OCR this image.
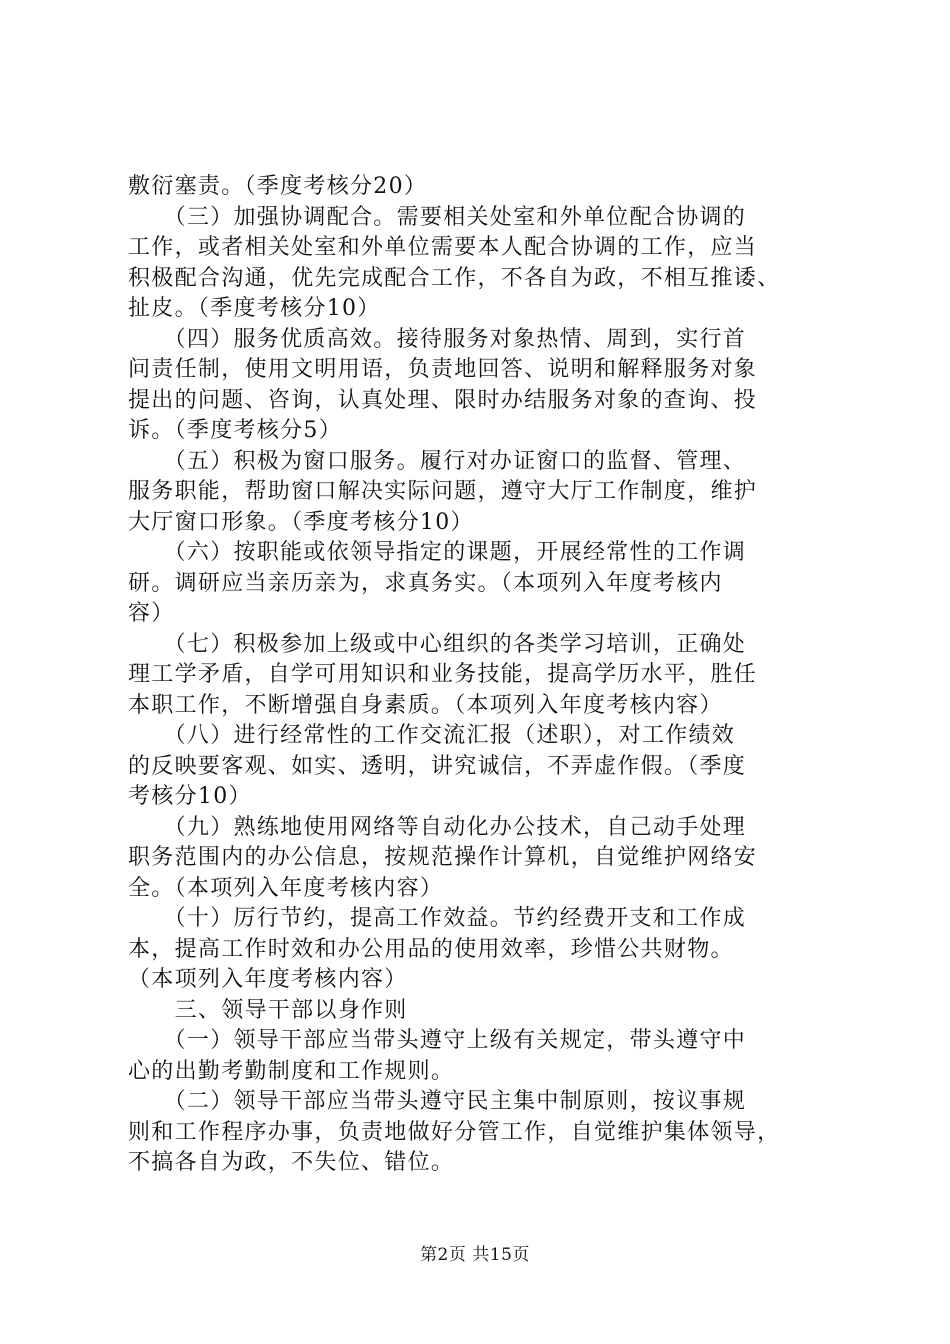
敷衍塞责。（季度考核分20）
　　（三）加强协调配合。需要相关处室和外单位配合协调的
工作，或者相关处室和外单位需要本人配合协调的工作，应当
积极配合沟通，优先完成配合工作，不各自为政，不相互推诿、
扯皮。（季度考核分10）
　　（四）服务优质高效。接待服务对象热情、周到，实行首
问责任制，使用文明用语，负责地回答、说明和解释服务对象
提出的问题、咨询，认真处理、限时办结服务对象的查询、投
诉。（季度考核分5）
　　（五）积极为窗口服务。履行对办证窗口的监督、管理、
服务职能，帮助窗口解决实际问题，遵守大厅工作制度，维护
大厅窗口形象。（季度考核分10）
　　（六）按职能或依领导指定的课题，开展经常性的工作调
研。调研应当亲历亲为，求真务实。（本项列入年度考核内
容）
　　（七）积极参加上级或中心组织的各类学习培训，正确处
理工学矛盾，自学可用知识和业务技能，提高学历水平，胜任
本职工作，不断增强自身素质。（本项列入年度考核内容）
　　（八）进行经常性的工作交流汇报（述职），对工作绩效
的反映要客观、如实、透明，讲究诚信，不弄虚作假。（季度
考核分10）
　　（九）熟练地使用网络等自动化办公技术，自己动手处理
职务范围内的办公信息，按规范操作计算机，自觉维护网络安
全。（本项列入年度考核内容）
　　（十）厉行节约，提高工作效益。节约经费开支和工作成
本，提高工作时效和办公用品的使用效率，珍惜公共财物。
（本项列入年度考核内容）
　　三、领导干部以身作则
　　（一）领导干部应当带头遵守上级有关规定，带头遵守中
心的出勤考勤制度和工作规则。
　　（二）领导干部应当带头遵守民主集中制原则，按议事规
则和工作程序办事，负责地做好分管工作，自觉维护集体领导，
不搞各自为政，不失位、错位。
第2页 共15页
